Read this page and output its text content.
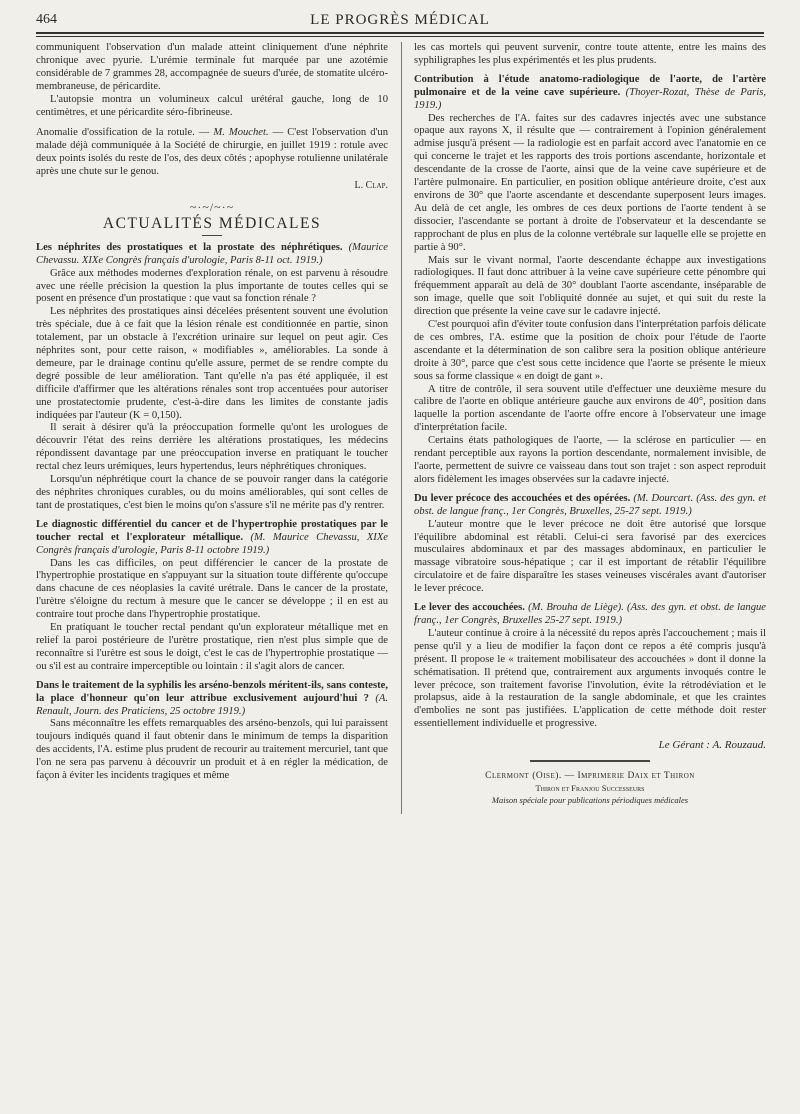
464	LE PROGRÈS MÉDICAL

communiquent l'observation d'un malade atteint cliniquement d'une néphrite chronique avec pyurie. L'urémie terminale fut marquée par une azotémie considérable de 7 grammes 28, accompagnée de sueurs d'urée, de stomatite ulcéro-membraneuse, de péricardite.

L'autopsie montra un volumineux calcul urétéral gauche, long de 10 centimètres, et une péricardite séro-fibrineuse.

Anomalie d'ossification de la rotule. — M. Mouchet. — C'est l'observation d'un malade déjà communiquée à la Société de chirurgie, en juillet 1919 : rotule avec deux points isolés du reste de l'os, des deux côtés ; apophyse rotulienne unilatérale après une chute sur le genou.

L. Clap.
~·~/~·~
ACTUALITÉS MÉDICALES

Les néphrites des prostatiques et la prostate des néphrétiques. (Maurice Chevassu. XIXe Congrès français d'urologie, Paris 8-11 oct. 1919.)

Grâce aux méthodes modernes d'exploration rénale, on est parvenu à résoudre avec une réelle précision la question la plus importante de toutes celles qui se posent en présence d'un prostatique : que vaut sa fonction rénale ?

Les néphrites des prostatiques ainsi décelées présentent souvent une évolution très spéciale, due à ce fait que la lésion rénale est conditionnée en partie, sinon totalement, par un obstacle à l'excrétion urinaire sur lequel on peut agir. Ces néphrites sont, pour cette raison, « modifiables », améliorables. La sonde à demeure, par le drainage continu qu'elle assure, permet de se rendre compte du degré possible de leur amélioration. Tant qu'elle n'a pas été appliquée, il est difficile d'affirmer que les altérations rénales sont trop accentuées pour autoriser une prostatectomie prudente, c'est-à-dire dans les limites de constante jadis indiquées par l'auteur (K = 0,150).

Il serait à désirer qu'à la préoccupation formelle qu'ont les urologues de découvrir l'état des reins derrière les altérations prostatiques, les médecins répondissent davantage par une préoccupation inverse en pratiquant le toucher rectal chez leurs urémiques, leurs hypertendus, leurs néphrétiques chroniques.

Lorsqu'un néphrétique court la chance de se pouvoir ranger dans la catégorie des néphrites chroniques curables, ou du moins améliorables, qui sont celles de tant de prostatiques, c'est bien le moins qu'on s'assure s'il ne mérite pas d'y rentrer.

Le diagnostic différentiel du cancer et de l'hypertrophie prostatiques par le toucher rectal et l'explorateur métallique. (M. Maurice Chevassu, XIXe Congrès français d'urologie, Paris 8-11 octobre 1919.)

Dans les cas difficiles, on peut différencier le cancer de la prostate de l'hypertrophie prostatique en s'appuyant sur la situation toute différente qu'occupe dans chacune de ces néoplasies la cavité urétrale. Dans le cancer de la prostate, l'urètre s'éloigne du rectum à mesure que le cancer se développe ; il en est au contraire tout proche dans l'hypertrophie prostatique.

En pratiquant le toucher rectal pendant qu'un explorateur métallique met en relief la paroi postérieure de l'urètre prostatique, rien n'est plus simple que de reconnaître si l'urètre est sous le doigt, c'est le cas de l'hypertrophie prostatique — ou s'il est au contraire imperceptible ou lointain : il s'agit alors de cancer.

Dans le traitement de la syphilis les arséno-benzols méritent-ils, sans conteste, la place d'honneur qu'on leur attribue exclusivement aujourd'hui ? (A. Renault, Journ. des Praticiens, 25 octobre 1919.)

Sans méconnaître les effets remarquables des arséno-benzols, qui lui paraissent toujours indiqués quand il faut obtenir dans le minimum de temps la disparition des accidents, l'A. estime plus prudent de recourir au traitement mercuriel, tant que l'on ne sera pas parvenu à découvrir un produit et à en régler la médication, de façon à éviter les incidents tragiques et même

les cas mortels qui peuvent survenir, contre toute attente, entre les mains des syphiligraphes les plus expérimentés et les plus prudents.

Contribution à l'étude anatomo-radiologique de l'aorte, de l'artère pulmonaire et de la veine cave supérieure. (Thoyer-Rozat, Thèse de Paris, 1919.)

Des recherches de l'A. faites sur des cadavres injectés avec une substance opaque aux rayons X, il résulte que — contrairement à l'opinion généralement admise jusqu'à présent — la radiologie est en parfait accord avec l'anatomie en ce qui concerne le trajet et les rapports des trois portions ascendante, horizontale et descendante de la crosse de l'aorte, ainsi que de la veine cave supérieure et de l'artère pulmonaire. En particulier, en position oblique antérieure droite, c'est aux environs de 30° que l'aorte ascendante et descendante superposent leurs images. Au delà de cet angle, les ombres de ces deux portions de l'aorte tendent à se dissocier, l'ascendante se portant à droite de l'observateur et la descendante se rapprochant de plus en plus de la colonne vertébrale sur laquelle elle se projette en partie à 90°.

Mais sur le vivant normal, l'aorte descendante échappe aux investigations radiologiques. Il faut donc attribuer à la veine cave supérieure cette pénombre qui fréquemment apparaît au delà de 30° doublant l'aorte ascendante, inséparable de son image, quelle que soit l'obliquité donnée au sujet, et qui suit du reste la direction que présente la veine cave sur le cadavre injecté.

C'est pourquoi afin d'éviter toute confusion dans l'interprétation parfois délicate de ces ombres, l'A. estime que la position de choix pour l'étude de l'aorte ascendante et la détermination de son calibre sera la position oblique antérieure droite à 30°, parce que c'est sous cette incidence que l'aorte se présente le mieux sous sa forme classique « en doigt de gant ».

A titre de contrôle, il sera souvent utile d'effectuer une deuxième mesure du calibre de l'aorte en oblique antérieure gauche aux environs de 40°, position dans laquelle la portion ascendante de l'aorte offre encore à l'observateur une image d'interprétation facile.

Certains états pathologiques de l'aorte, — la sclérose en particulier — en rendant perceptible aux rayons la portion descendante, normalement invisible, de l'aorte, permettent de suivre ce vaisseau dans tout son trajet : son aspect reproduit alors fidèlement les images observées sur la cadavre injecté.

Du lever précoce des accouchées et des opérées. (M. Dourcart. (Ass. des gyn. et obst. de langue franç., 1er Congrès, Bruxelles, 25-27 sept. 1919.)

L'auteur montre que le lever précoce ne doit être autorisé que lorsque l'équilibre abdominal est rétabli. Celui-ci sera favorisé par des exercices musculaires abdominaux et par des massages abdominaux, en particulier le massage vibratoire sous-hépatique ; car il est important de rétablir l'équilibre circulatoire et de faire disparaître les stases veineuses viscérales avant d'autoriser le lever précoce.

Le lever des accouchées. (M. Brouha de Liège). (Ass. des gyn. et obst. de langue franç., 1er Congrès, Bruxelles 25-27 sept. 1919.)

L'auteur continue à croire à la nécessité du repos après l'accouchement ; mais il pense qu'il y a lieu de modifier la façon dont ce repos a été compris jusqu'à présent. Il propose le « traitement mobilisateur des accouchées » dont il donne la schématisation. Il prétend que, contrairement aux arguments invoqués contre le lever précoce, son traitement favorise l'involution, évite la rétrodéviation et le prolapsus, aide à la restauration de la sangle abdominale, et que les craintes d'embolies ne sont pas justifiées. L'application de cette méthode doit rester essentiellement individuelle et progressive.

Le Gérant : A. Rouzaud.
Clermont (Oise). — Imprimerie Daix et Thiron
Thiron et Franjou Successeurs
Maison spéciale pour publications périodiques médicales
